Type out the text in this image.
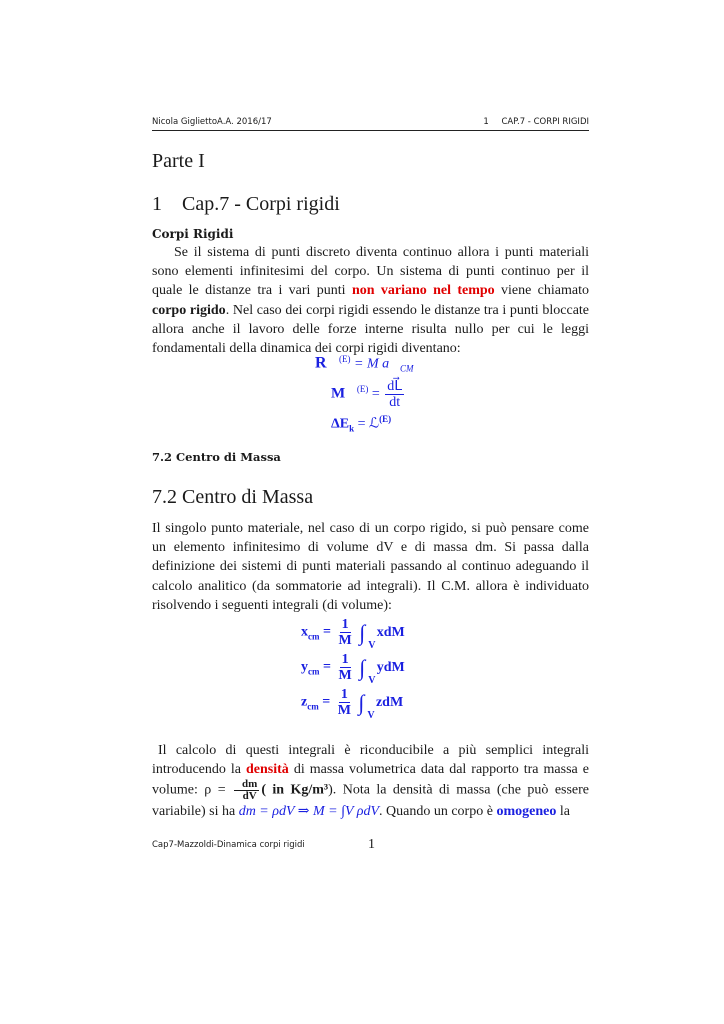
Nicola GigliettoA.A. 2016/17	1 CAP.7 - CORPI RIGIDI
Parte I
1 Cap.7 - Corpi rigidi
Corpi Rigidi
Se il sistema di punti discreto diventa continuo allora i punti materiali sono elementi infinitesimi del corpo. Un sistema di punti continuo per il quale le distanze tra i vari punti non variano nel tempo viene chiamato corpo rigido. Nel caso dei corpi rigidi essendo le distanze tra i punti bloccate allora anche il lavoro delle forze interne risulta nullo per cui le leggi fondamentali della dinamica dei corpi rigidi diventano:
R⃗$^{(E)}$ = M $a⃗_{CM}$
M⃗$^{(E)}$ = $\frac{dL⃗}{dt}$
$\Delta E_k$ = ℒ$^{(E)}$
7.2 Centro di Massa
7.2 Centro di Massa
Il singolo punto materiale, nel caso di un corpo rigido, si può pensare come un elemento infinitesimo di volume dV e di massa dm. Si passa dalla definizione dei sistemi di punti materiali passando al continuo adeguando il calcolo analitico (da sommatorie ad integrali). Il C.M. allora è individuato risolvendo i seguenti integrali (di volume):
$x_{cm} = \frac{1}{M}$ ∫
V
xdM
$y_{cm} = \frac{1}{M}$ ∫
V
ydM
$z_{cm} = \frac{1}{M}$ ∫
V
zdM
Il calcolo di questi integrali è riconducibile a più semplici integrali introducendo la densità di massa volumetrica data dal rapporto tra massa e volume: $\rho = \frac{dm}{dV}$ ( in Kg/m³). Nota la densità di massa (che può essere variabile) si ha dm = ρdV ⇒ M = ∫V ρdV. Quando un corpo è omogeneo la
Cap7-Mazzoldi-Dinamica corpi rigidi	1
